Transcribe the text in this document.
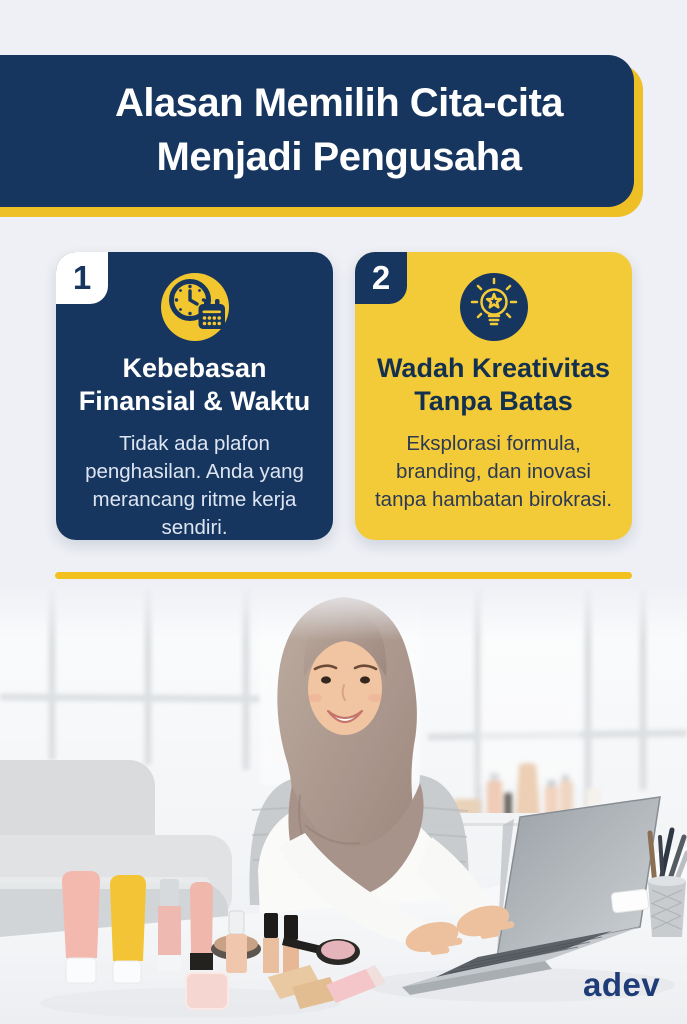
Alasan Memilih Cita-cita
Menjadi Pengusaha
1
Kebebasan
Finansial & Waktu

Tidak ada plafon penghasilan. Anda yang merancang ritme kerja sendiri.

2
Wadah Kreativitas
Tanpa Batas

Eksplorasi formula, branding, dan inovasi tanpa hambatan birokrasi.

adev
